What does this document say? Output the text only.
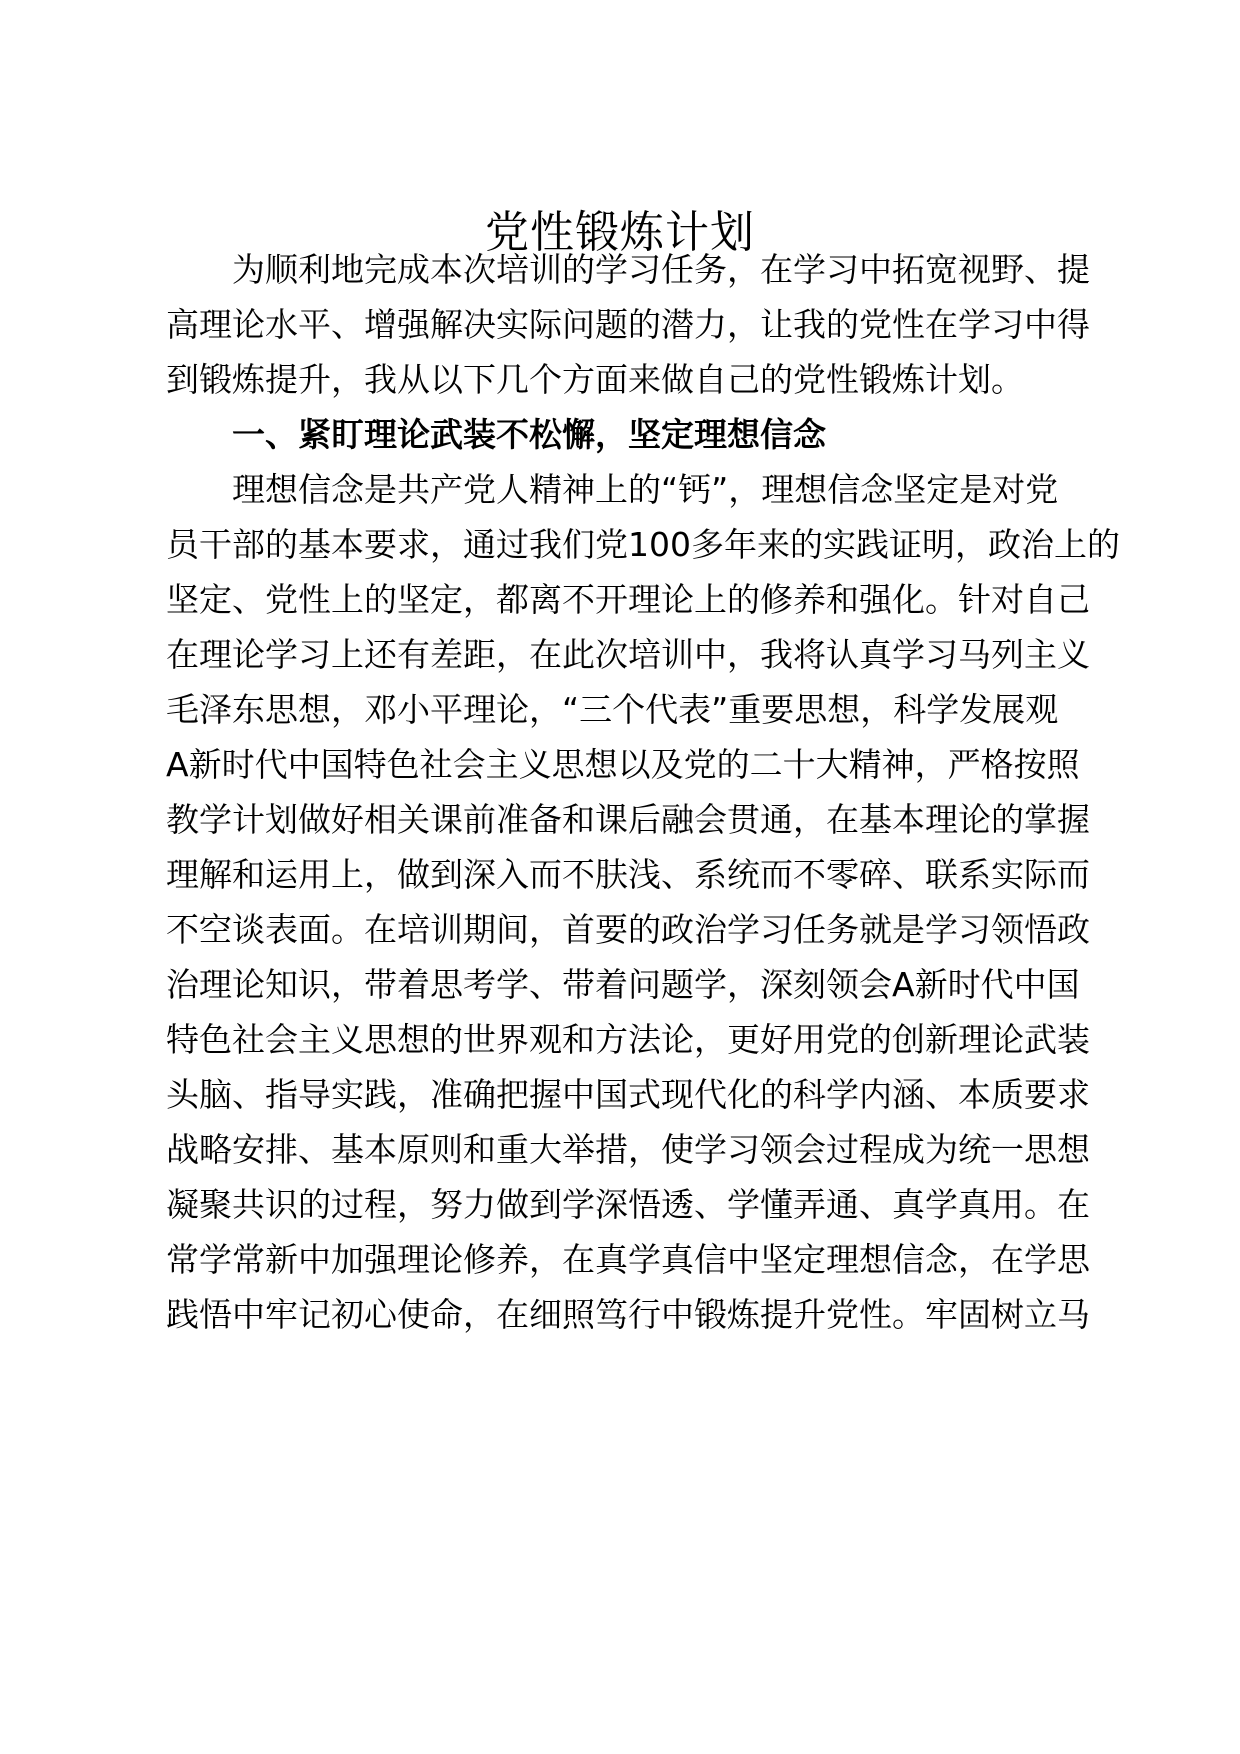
党性锻炼计划

为顺利地完成本次培训的学习任务，在学习中拓宽视野、提

高理论水平、增强解决实际问题的潜力，让我的党性在学习中得

到锻炼提升，我从以下几个方面来做自己的党性锻炼计划。

一、紧盯理论武装不松懈，坚定理想信念

理想信念是共产党人精神上的“钙”，理想信念坚定是对党

员干部的基本要求，通过我们党100多年来的实践证明，政治上的

坚定、党性上的坚定，都离不开理论上的修养和强化。针对自己

在理论学习上还有差距，在此次培训中，我将认真学习马列主义

毛泽东思想，邓小平理论，“三个代表”重要思想，科学发展观

A新时代中国特色社会主义思想以及党的二十大精神，严格按照

教学计划做好相关课前准备和课后融会贯通，在基本理论的掌握

理解和运用上，做到深入而不肤浅、系统而不零碎、联系实际而

不空谈表面。在培训期间，首要的政治学习任务就是学习领悟政

治理论知识，带着思考学、带着问题学，深刻领会A新时代中国

特色社会主义思想的世界观和方法论，更好用党的创新理论武装

头脑、指导实践，准确把握中国式现代化的科学内涵、本质要求

战略安排、基本原则和重大举措，使学习领会过程成为统一思想

凝聚共识的过程，努力做到学深悟透、学懂弄通、真学真用。在

常学常新中加强理论修养，在真学真信中坚定理想信念，在学思

践悟中牢记初心使命，在细照笃行中锻炼提升党性。牢固树立马
